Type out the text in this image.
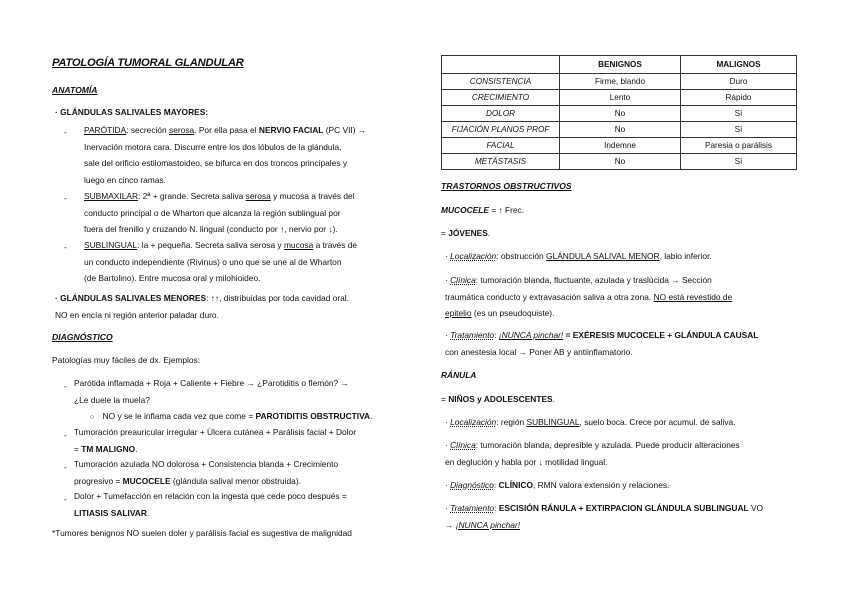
PATOLOGÍA TUMORAL GLANDULAR
ANATOMÍA
· GLÁNDULAS SALIVALES MAYORES:
- PARÓTIDA: secreción serosa. Por ella pasa el NERVIO FACIAL (PC VII) →
Inervación motora cara. Discurre entre los dos lóbulos de la glándula,
sale del orificio estilomastoideo, se bifurca en dos troncos principales y
luego en cinco ramas.
- SUBMAXILAR: 2ª + grande. Secreta saliva serosa y mucosa a través del
conducto principal o de Wharton que alcanza la región sublingual por
fuera del frenillo y cruzando N. lingual (conducto por ↑, nervio por ↓).
- SUBLINGUAL: la + pequeña. Secreta saliva serosa y mucosa a través de
un conducto independiente (Rivinus) o uno que se une al de Wharton
(de Bartolino). Entre mucosa oral y milohioideo.
· GLÁNDULAS SALIVALES MENORES: ↑↑, distribuidas por toda cavidad oral.
NO en encía ni región anterior paladar duro.
DIAGNÓSTICO
Patologías muy fáciles de dx. Ejemplos:
- Parótida inflamada + Roja + Caliente + Fiebre → ¿Parotiditis o flemón? →
¿Le duele la muela?
○ NO y se le inflama cada vez que come = PAROTIDITIS OBSTRUCTIVA.
- Tumoración preauricular irregular + Úlcera cutánea + Parálisis facial + Dolor
= TM MALIGNO.
- Tumoración azulada NO dolorosa + Consistencia blanda + Crecimiento
progresivo = MUCOCELE (glándula salival menor obstruida).
- Dolor + Tumefacción en relación con la ingesta que cede poco después =
LITIASIS SALIVAR.
*Tumores benignos NO suelen doler y parálisis facial es sugestiva de malignidad
	BENIGNOS	MALIGNOS
CONSISTENCIA	Firme, blando	Duro
CRECIMIENTO	Lento	Rápido
DOLOR	No	Sí
FIJACIÓN PLANOS PROF	No	Sí
FACIAL	Indemne	Paresia o parálisis
METÁSTASIS	No	Sí
TRASTORNOS OBSTRUCTIVOS
MUCOCELE = ↑ Frec.
= JÓVENES.
· Localización: obstrucción GLÁNDULA SALIVAL MENOR, labio inferior.
· Clínica: tumoración blanda, fluctuante, azulada y traslúcida → Sección
traumática conducto y extravasación saliva a otra zona. NO está revestido de
epitelio (es un pseudoquiste).
· Tratamiento: ¡NUNCA pinchar! = EXÉRESIS MUCOCELE + GLÁNDULA CAUSAL
con anestesia local → Poner AB y antiinflamatorio.
RÁNULA
= NIÑOS y ADOLESCENTES.
· Localización: región SUBLINGUAL, suelo boca. Crece por acumul. de saliva.
· Clínica: tumoración blanda, depresible y azulada. Puede producir alteraciones
en deglución y habla por ↓ motilidad lingual.
· Diagnóstico: CLÍNICO, RMN valora extensión y relaciones.
· Tratamiento: ESCISIÓN RÁNULA + EXTIRPACION GLÁNDULA SUBLINGUAL VO
→ ¡NUNCA pinchar!
